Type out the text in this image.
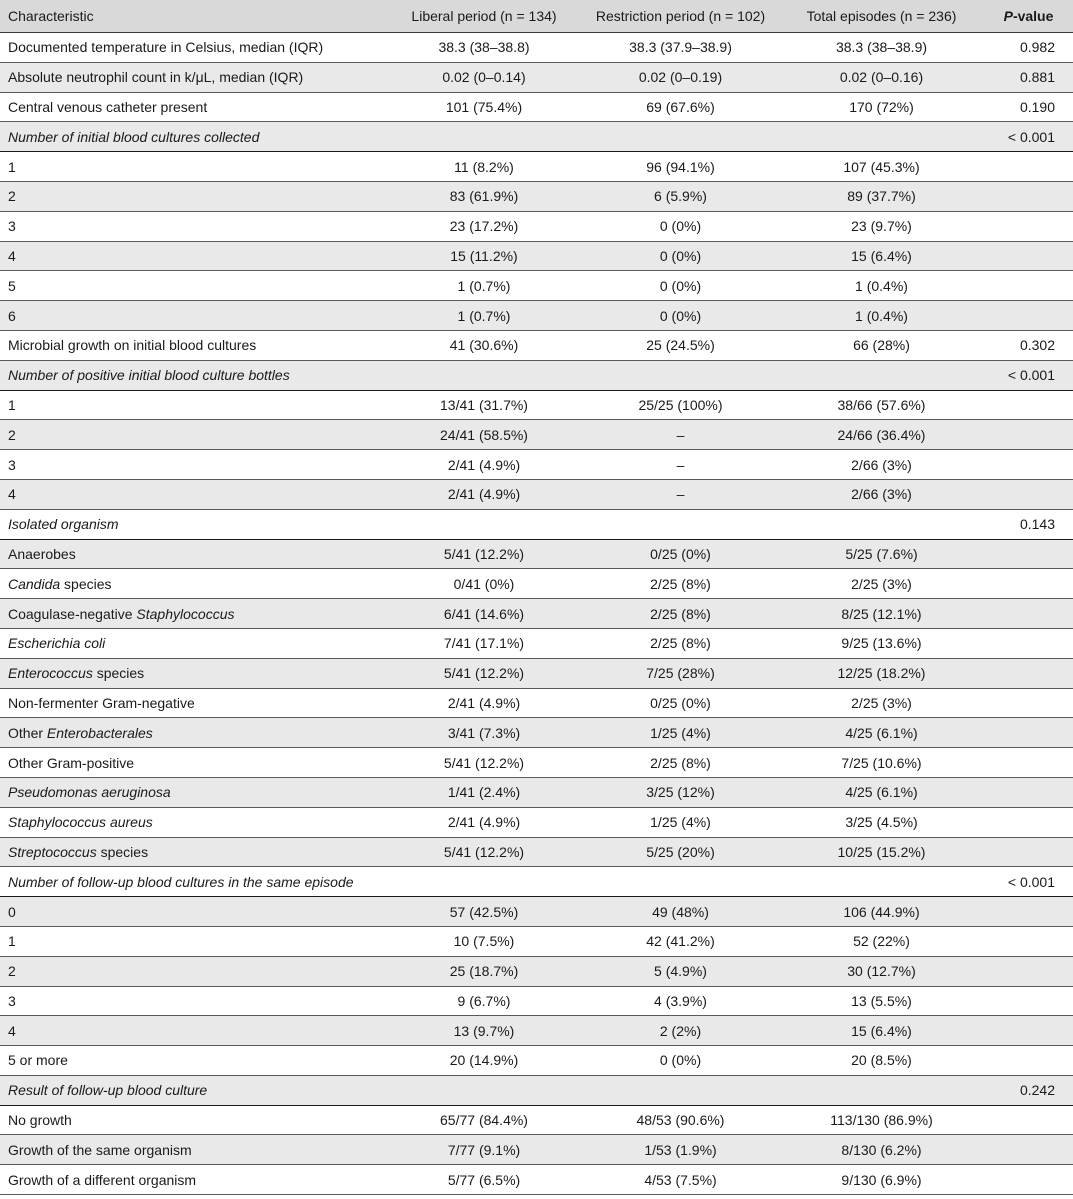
Characteristic	Liberal period (n = 134)	Restriction period (n = 102)	Total episodes (n = 236)	P-value
Documented temperature in Celsius, median (IQR)	38.3 (38–38.8)	38.3 (37.9–38.9)	38.3 (38–38.9)	0.982
Absolute neutrophil count in k/μL, median (IQR)	0.02 (0–0.14)	0.02 (0–0.19)	0.02 (0–0.16)	0.881
Central venous catheter present	101 (75.4%)	69 (67.6%)	170 (72%)	0.190
Number of initial blood cultures collected				< 0.001
1	11 (8.2%)	96 (94.1%)	107 (45.3%)	
2	83 (61.9%)	6 (5.9%)	89 (37.7%)	
3	23 (17.2%)	0 (0%)	23 (9.7%)	
4	15 (11.2%)	0 (0%)	15 (6.4%)	
5	1 (0.7%)	0 (0%)	1 (0.4%)	
6	1 (0.7%)	0 (0%)	1 (0.4%)	
Microbial growth on initial blood cultures	41 (30.6%)	25 (24.5%)	66 (28%)	0.302
Number of positive initial blood culture bottles				< 0.001
1	13/41 (31.7%)	25/25 (100%)	38/66 (57.6%)	
2	24/41 (58.5%)	–	24/66 (36.4%)	
3	2/41 (4.9%)	–	2/66 (3%)	
4	2/41 (4.9%)	–	2/66 (3%)	
Isolated organism				0.143
Anaerobes	5/41 (12.2%)	0/25 (0%)	5/25 (7.6%)	
Candida species	0/41 (0%)	2/25 (8%)	2/25 (3%)	
Coagulase-negative Staphylococcus	6/41 (14.6%)	2/25 (8%)	8/25 (12.1%)	
Escherichia coli	7/41 (17.1%)	2/25 (8%)	9/25 (13.6%)	
Enterococcus species	5/41 (12.2%)	7/25 (28%)	12/25 (18.2%)	
Non-fermenter Gram-negative	2/41 (4.9%)	0/25 (0%)	2/25 (3%)	
Other Enterobacterales	3/41 (7.3%)	1/25 (4%)	4/25 (6.1%)	
Other Gram-positive	5/41 (12.2%)	2/25 (8%)	7/25 (10.6%)	
Pseudomonas aeruginosa	1/41 (2.4%)	3/25 (12%)	4/25 (6.1%)	
Staphylococcus aureus	2/41 (4.9%)	1/25 (4%)	3/25 (4.5%)	
Streptococcus species	5/41 (12.2%)	5/25 (20%)	10/25 (15.2%)	
Number of follow-up blood cultures in the same episode				< 0.001
0	57 (42.5%)	49 (48%)	106 (44.9%)	
1	10 (7.5%)	42 (41.2%)	52 (22%)	
2	25 (18.7%)	5 (4.9%)	30 (12.7%)	
3	9 (6.7%)	4 (3.9%)	13 (5.5%)	
4	13 (9.7%)	2 (2%)	15 (6.4%)	
5 or more	20 (14.9%)	0 (0%)	20 (8.5%)	
Result of follow-up blood culture				0.242
No growth	65/77 (84.4%)	48/53 (90.6%)	113/130 (86.9%)	
Growth of the same organism	7/77 (9.1%)	1/53 (1.9%)	8/130 (6.2%)	
Growth of a different organism	5/77 (6.5%)	4/53 (7.5%)	9/130 (6.9%)	
